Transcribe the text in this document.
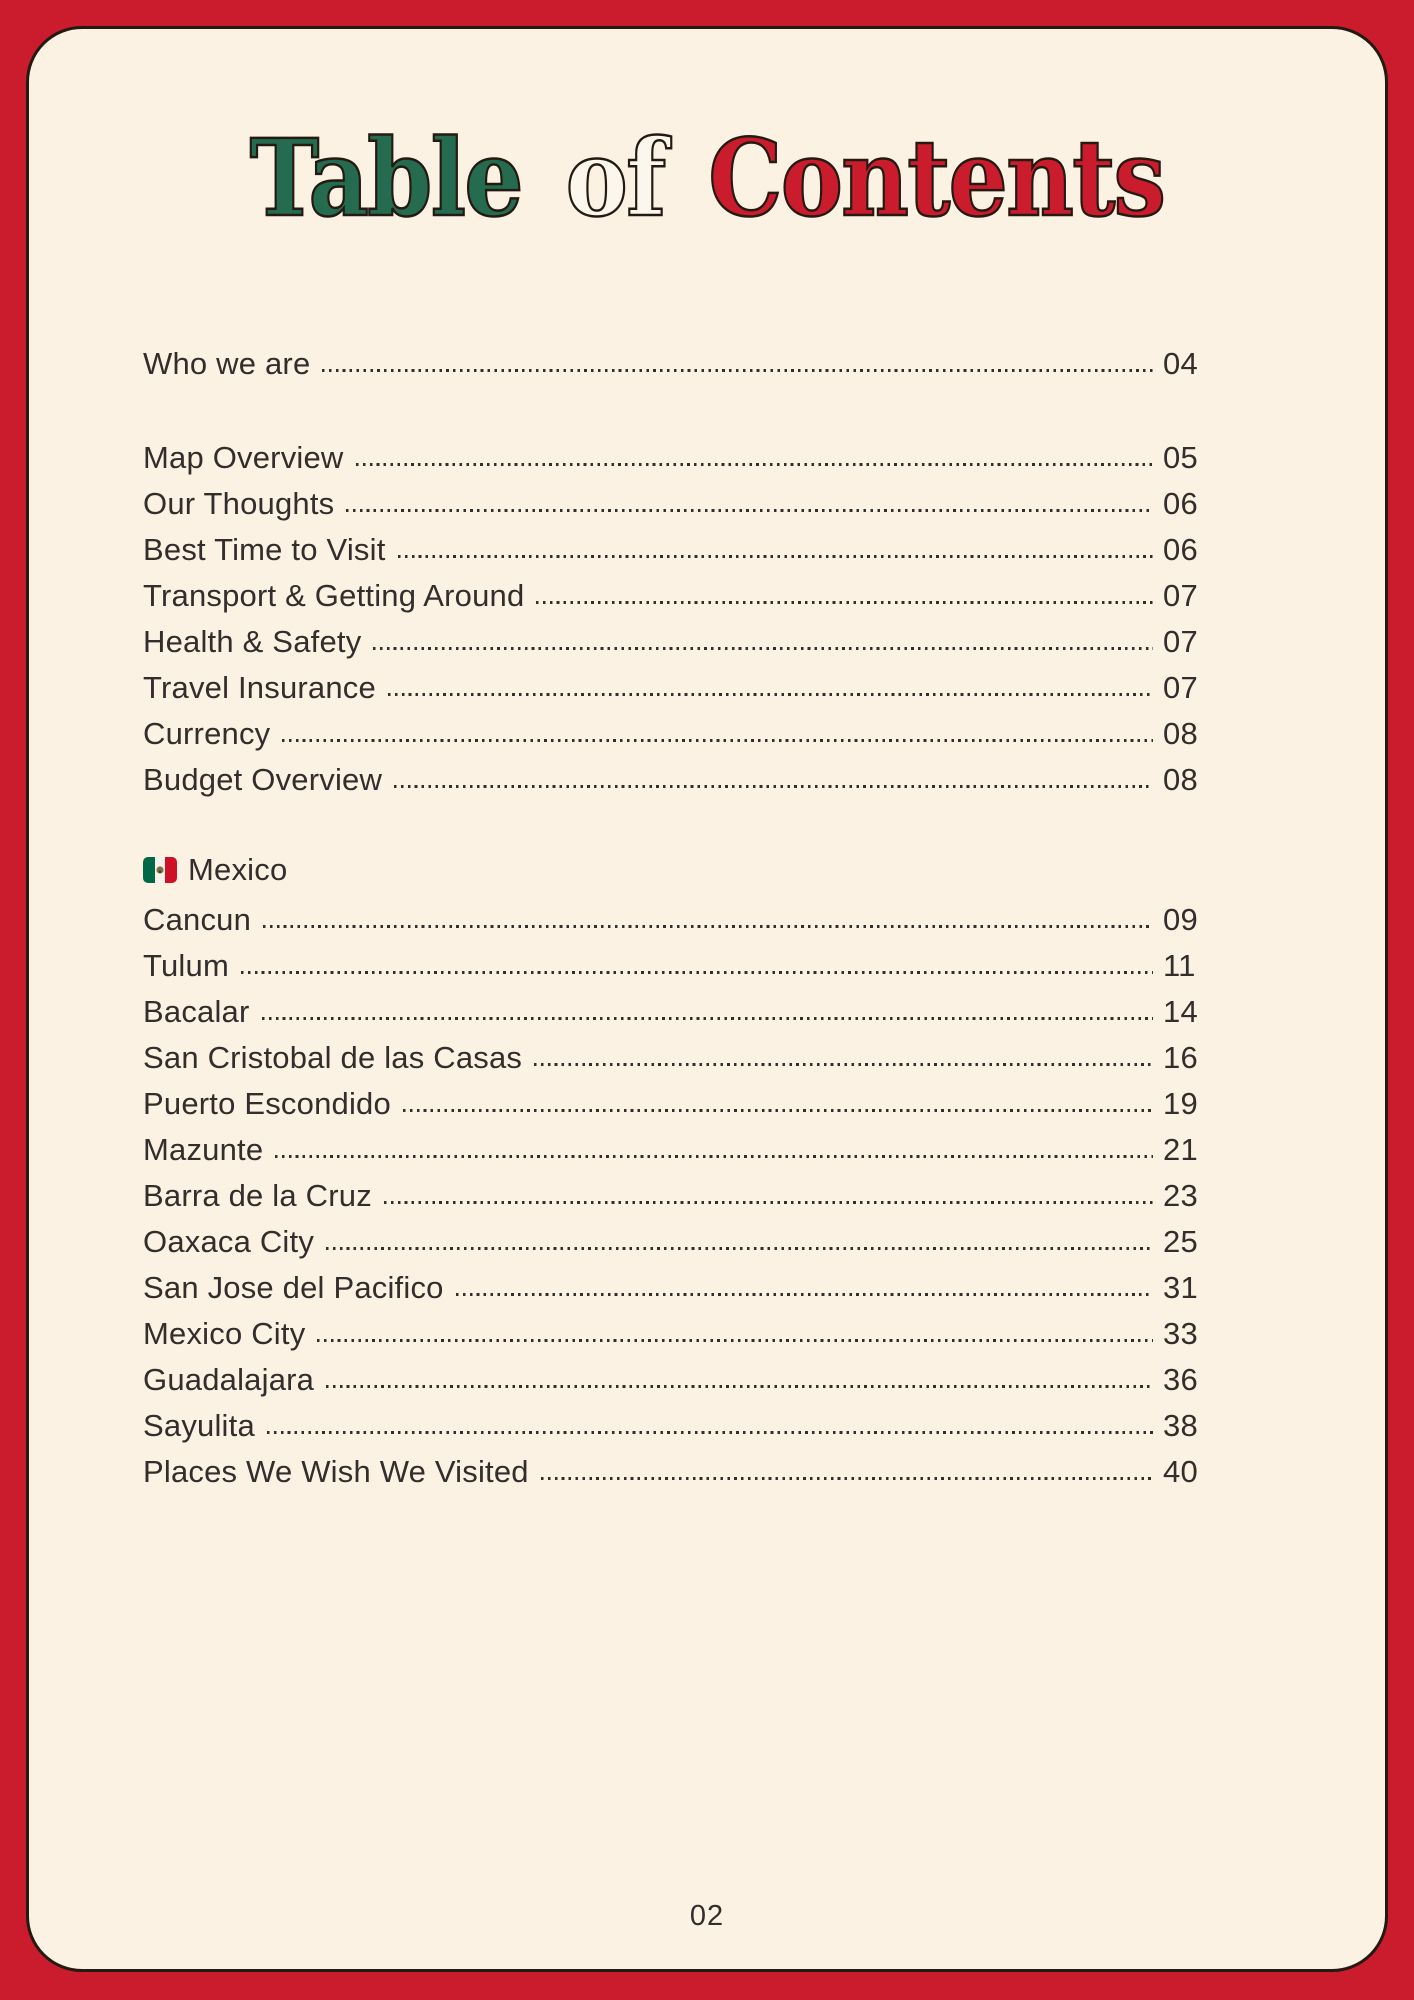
Table of Contents
Who we are	04
Map Overview	05
Our Thoughts	06
Best Time to Visit	06
Transport & Getting Around	07
Health & Safety	07
Travel Insurance	07
Currency	08
Budget Overview	08
Mexico
Cancun	09
Tulum	11
Bacalar	14
San Cristobal de las Casas	16
Puerto Escondido	19
Mazunte	21
Barra de la Cruz	23
Oaxaca City	25
San Jose del Pacifico	31
Mexico City	33
Guadalajara	36
Sayulita	38
Places We Wish We Visited	40
02
